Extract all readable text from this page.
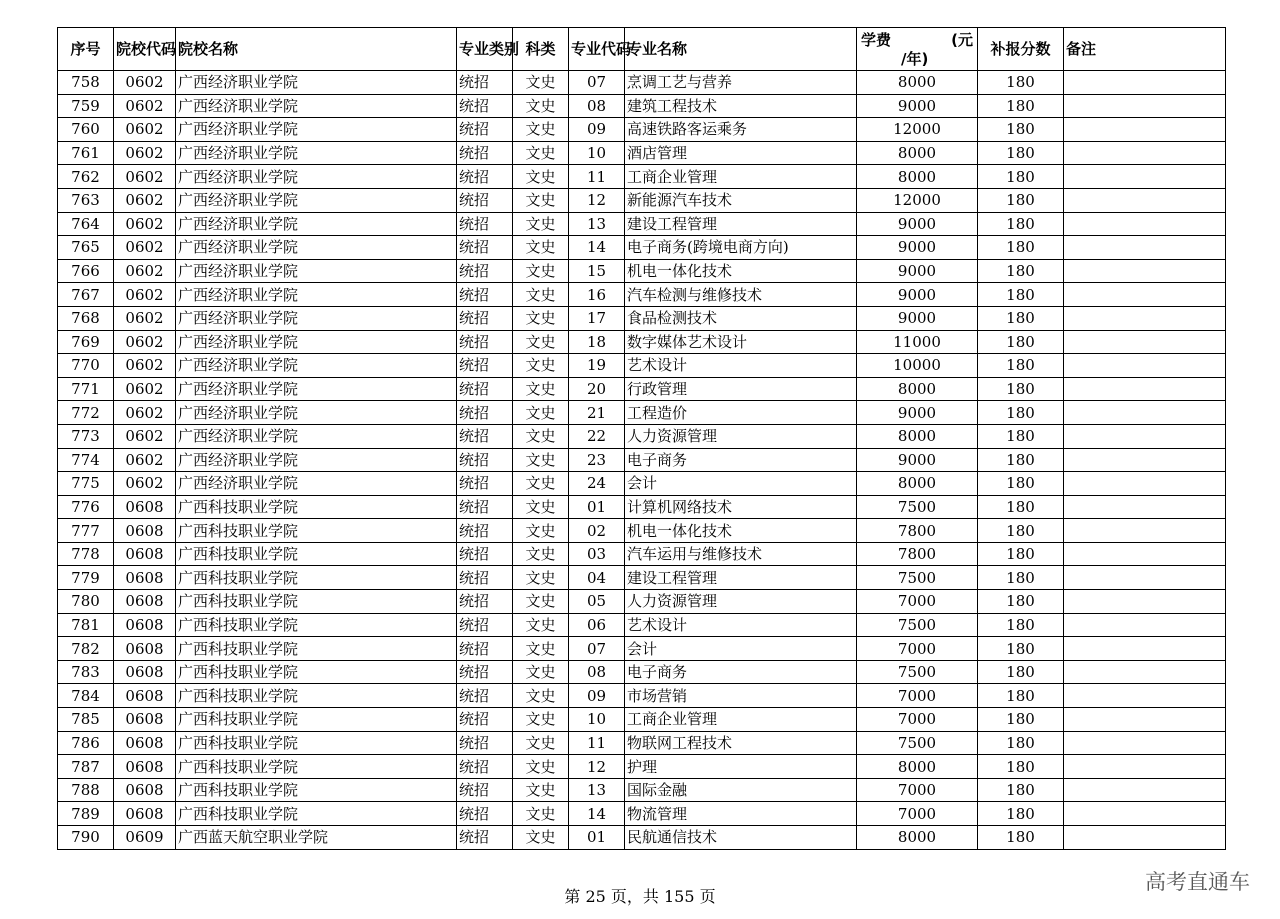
序号	院校代码	院校名称	专业类别	科类	专业代码	专业名称	学费 (元
/年)	补报分数	备注
758	0602	广西经济职业学院	统招	文史	07	烹调工艺与营养	8000	180	
759	0602	广西经济职业学院	统招	文史	08	建筑工程技术	9000	180	
760	0602	广西经济职业学院	统招	文史	09	高速铁路客运乘务	12000	180	
761	0602	广西经济职业学院	统招	文史	10	酒店管理	8000	180	
762	0602	广西经济职业学院	统招	文史	11	工商企业管理	8000	180	
763	0602	广西经济职业学院	统招	文史	12	新能源汽车技术	12000	180	
764	0602	广西经济职业学院	统招	文史	13	建设工程管理	9000	180	
765	0602	广西经济职业学院	统招	文史	14	电子商务(跨境电商方向)	9000	180	
766	0602	广西经济职业学院	统招	文史	15	机电一体化技术	9000	180	
767	0602	广西经济职业学院	统招	文史	16	汽车检测与维修技术	9000	180	
768	0602	广西经济职业学院	统招	文史	17	食品检测技术	9000	180	
769	0602	广西经济职业学院	统招	文史	18	数字媒体艺术设计	11000	180	
770	0602	广西经济职业学院	统招	文史	19	艺术设计	10000	180	
771	0602	广西经济职业学院	统招	文史	20	行政管理	8000	180	
772	0602	广西经济职业学院	统招	文史	21	工程造价	9000	180	
773	0602	广西经济职业学院	统招	文史	22	人力资源管理	8000	180	
774	0602	广西经济职业学院	统招	文史	23	电子商务	9000	180	
775	0602	广西经济职业学院	统招	文史	24	会计	8000	180	
776	0608	广西科技职业学院	统招	文史	01	计算机网络技术	7500	180	
777	0608	广西科技职业学院	统招	文史	02	机电一体化技术	7800	180	
778	0608	广西科技职业学院	统招	文史	03	汽车运用与维修技术	7800	180	
779	0608	广西科技职业学院	统招	文史	04	建设工程管理	7500	180	
780	0608	广西科技职业学院	统招	文史	05	人力资源管理	7000	180	
781	0608	广西科技职业学院	统招	文史	06	艺术设计	7500	180	
782	0608	广西科技职业学院	统招	文史	07	会计	7000	180	
783	0608	广西科技职业学院	统招	文史	08	电子商务	7500	180	
784	0608	广西科技职业学院	统招	文史	09	市场营销	7000	180	
785	0608	广西科技职业学院	统招	文史	10	工商企业管理	7000	180	
786	0608	广西科技职业学院	统招	文史	11	物联网工程技术	7500	180	
787	0608	广西科技职业学院	统招	文史	12	护理	8000	180	
788	0608	广西科技职业学院	统招	文史	13	国际金融	7000	180	
789	0608	广西科技职业学院	统招	文史	14	物流管理	7000	180	
790	0609	广西蓝天航空职业学院	统招	文史	01	民航通信技术	8000	180	
第 25 页，共 155 页
高考直通车
